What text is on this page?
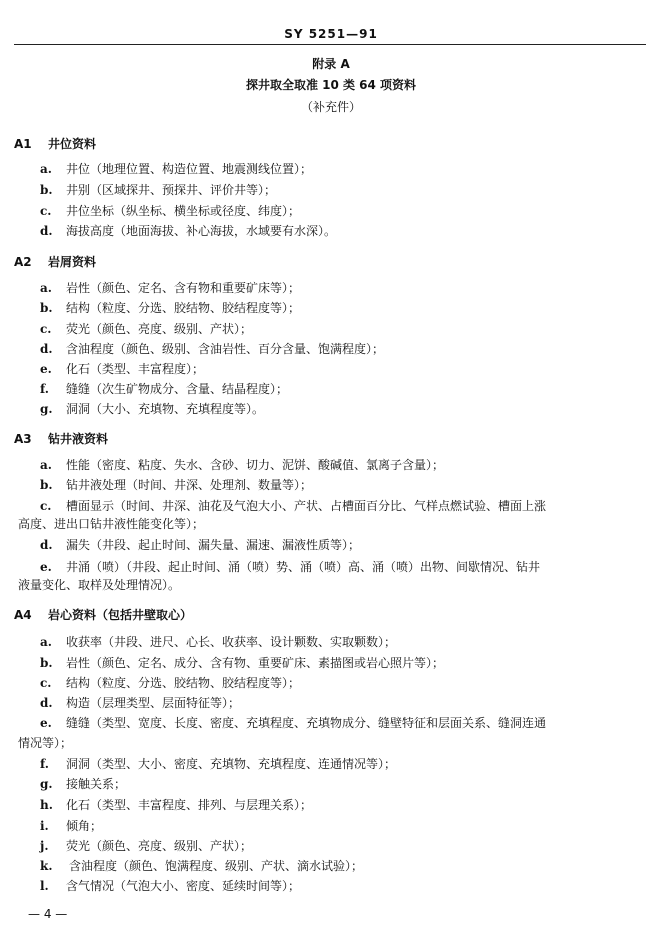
SY 5251—91
附录 A
探井取全取准 10 类 64 项资料
（补充件）
A1 井位资料
a. 井位（地理位置、构造位置、地震测线位置）；
b. 井别（区域探井、预探井、评价井等）；
c. 井位坐标（纵坐标、横坐标或径度、纬度）；
d. 海拔高度（地面海拔、补心海拔，水域要有水深）。
A2 岩屑资料
a. 岩性（颜色、定名、含有物和重要矿床等）；
b. 结构（粒度、分选、胶结物、胶结程度等）；
c. 荧光（颜色、亮度、级别、产状）；
d. 含油程度（颜色、级别、含油岩性、百分含量、饱满程度）；
e. 化石（类型、丰富程度）；
f. 缝缝（次生矿物成分、含量、结晶程度）；
g. 洞洞（大小、充填物、充填程度等）。
A3 钻井液资料
a. 性能（密度、粘度、失水、含砂、切力、泥饼、酸碱值、氯离子含量）；
b. 钻井液处理（时间、井深、处理剂、数量等）；
c. 槽面显示（时间、井深、油花及气泡大小、产状、占槽面百分比、气样点燃试验、槽面上涨
高度、进出口钻井液性能变化等）；
d. 漏失（井段、起止时间、漏失量、漏速、漏液性质等）；
e. 井涌（喷）（井段、起止时间、涌（喷）势、涌（喷）高、涌（喷）出物、间歇情况、钻井
液量变化、取样及处理情况）。
A4 岩心资料（包括井壁取心）
a. 收获率（井段、进尺、心长、收获率、设计颗数、实取颗数）；
b. 岩性（颜色、定名、成分、含有物、重要矿床、素描图或岩心照片等）；
c. 结构（粒度、分选、胶结物、胶结程度等）；
d. 构造（层理类型、层面特征等）；
e. 缝缝（类型、宽度、长度、密度、充填程度、充填物成分、缝壁特征和层面关系、缝洞连通
情况等）；
f. 洞洞（类型、大小、密度、充填物、充填程度、连通情况等）；
g. 接触关系；
h. 化石（类型、丰富程度、排列、与层理关系）；
i. 倾角；
j. 荧光（颜色、亮度、级别、产状）；
k. 含油程度（颜色、饱满程度、级别、产状、滴水试验）；
l. 含气情况（气泡大小、密度、延续时间等）；
— 4 —
